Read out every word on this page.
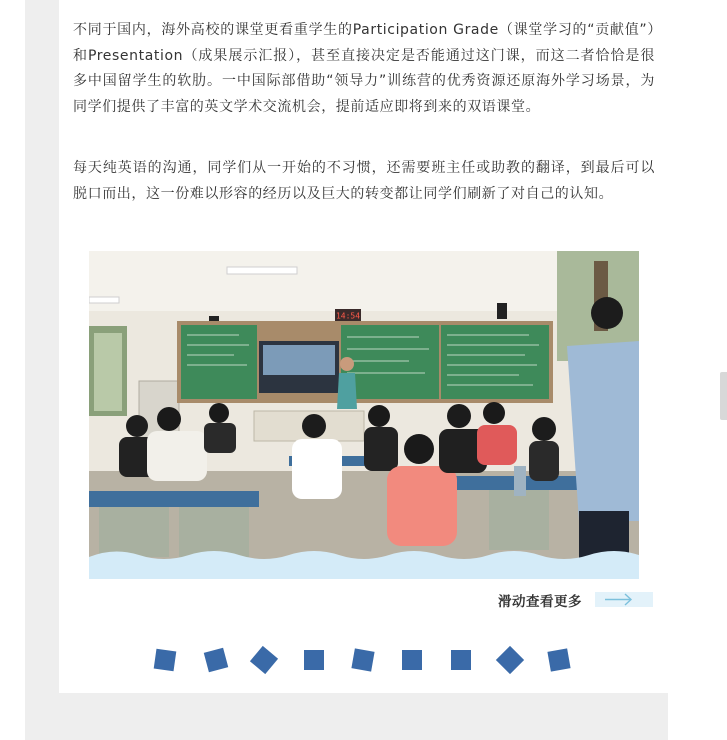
不同于国内，海外高校的课堂更看重学生的Participation Grade（课堂学习的“贡献值”）和Presentation（成果展示汇报），甚至直接决定是否能通过这门课，而这二者恰恰是很多中国留学生的软肋。一中国际部借助“领导力”训练营的优秀资源还原海外学习场景，为同学们提供了丰富的英文学术交流机会，提前适应即将到来的双语课堂。

每天纯英语的沟通，同学们从一开始的不习惯，还需要班主任或助教的翻译，到最后可以脱口而出，这一份难以形容的经历以及巨大的转变都让同学们刷新了对自己的认知。

14:54
滑动查看更多
